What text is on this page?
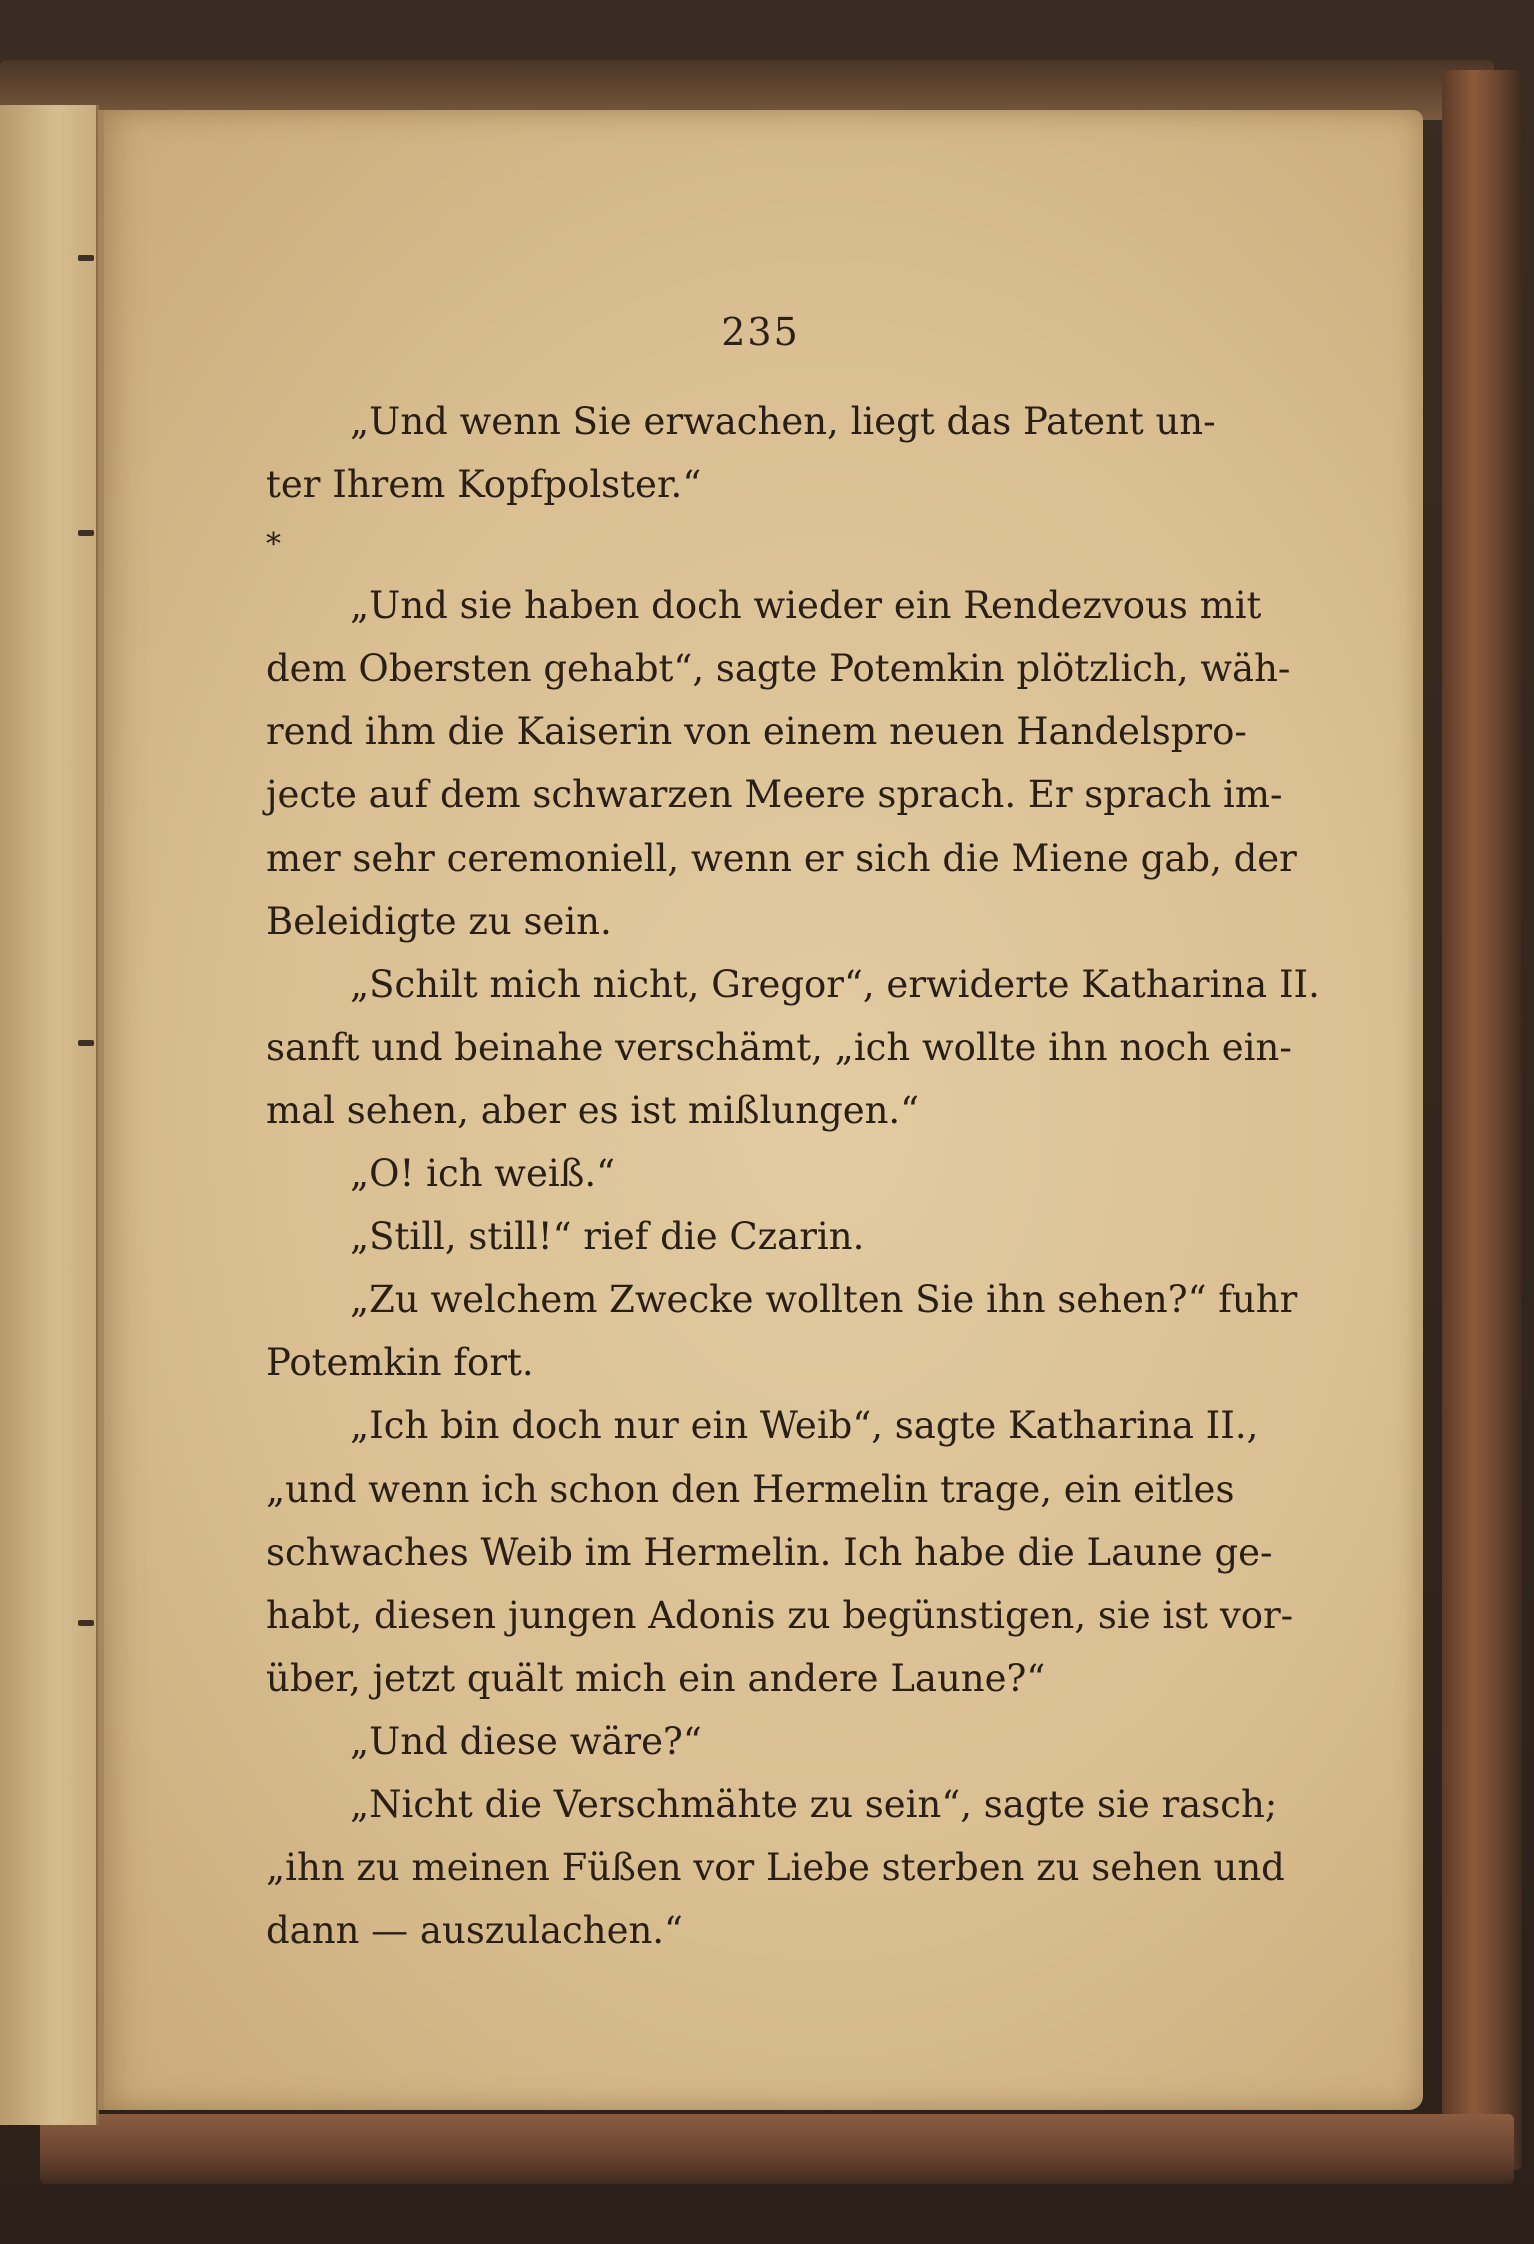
235

„Und wenn Sie erwachen, liegt das Patent un-
ter Ihrem Kopfpolster.“

*

„Und sie haben doch wieder ein Rendezvous mit
dem Obersten gehabt“, sagte Potemkin plötzlich, wäh-
rend ihm die Kaiserin von einem neuen Handelspro-
jecte auf dem schwarzen Meere sprach. Er sprach im-
mer sehr ceremoniell, wenn er sich die Miene gab, der
Beleidigte zu sein.

„Schilt mich nicht, Gregor“, erwiderte Katharina II.
sanft und beinahe verschämt, „ich wollte ihn noch ein-
mal sehen, aber es ist mißlungen.“

„O! ich weiß.“

„Still, still!“ rief die Czarin.

„Zu welchem Zwecke wollten Sie ihn sehen?“ fuhr
Potemkin fort.

„Ich bin doch nur ein Weib“, sagte Katharina II.,
„und wenn ich schon den Hermelin trage, ein eitles
schwaches Weib im Hermelin. Ich habe die Laune ge-
habt, diesen jungen Adonis zu begünstigen, sie ist vor-
über, jetzt quält mich ein andere Laune?“

„Und diese wäre?“

„Nicht die Verschmähte zu sein“, sagte sie rasch;
„ihn zu meinen Füßen vor Liebe sterben zu sehen und
dann — auszulachen.“
